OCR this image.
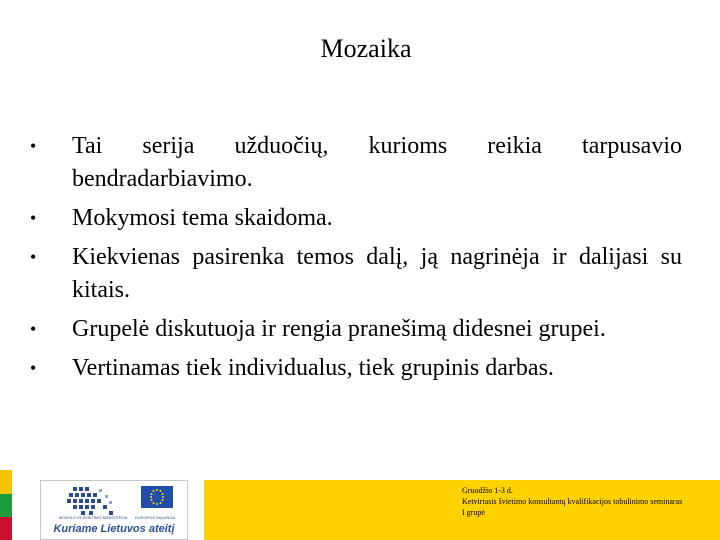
Mozaika
•	Tai serija užduočių, kurioms reikia tarpusavio bendradarbiavimo.
•	Mokymosi tema skaidoma.
•	Kiekvienas pasirenka temos dalį, ją nagrinėja ir dalijasi su kitais.
•	Grupelė diskutuoja ir rengia pranešimą didesnei grupei.
•	Vertinamas tiek individualus, tiek grupinis darbas.
MOKSLO IR ŠVIETIMO MINISTERIJA EUROPOS SĄJUNGA
Kuriame Lietuvos ateitį
Gruodžio 1-3 d.
Ketvirtasis švietimo konsultantų kvalifikacijos tobulinimo seminaras
I grupė
